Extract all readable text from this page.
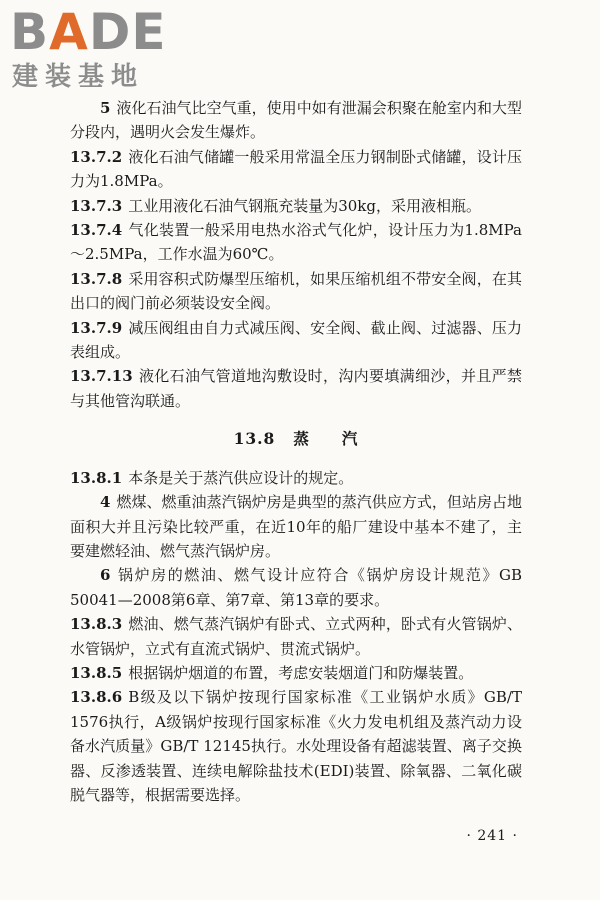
BADE
建装基地

5 液化石油气比空气重，使用中如有泄漏会积聚在舱室内和大型分段内，遇明火会发生爆炸。

13.7.2 液化石油气储罐一般采用常温全压力钢制卧式储罐，设计压力为1.8MPa。

13.7.3 工业用液化石油气钢瓶充装量为30kg，采用液相瓶。

13.7.4 气化装置一般采用电热水浴式气化炉，设计压力为1.8MPa～2.5MPa，工作水温为60℃。

13.7.8 采用容积式防爆型压缩机，如果压缩机组不带安全阀，在其出口的阀门前必须装设安全阀。

13.7.9 减压阀组由自力式减压阀、安全阀、截止阀、过滤器、压力表组成。

13.7.13 液化石油气管道地沟敷设时，沟内要填满细沙，并且严禁与其他管沟联通。

13.8 蒸 汽

13.8.1 本条是关于蒸汽供应设计的规定。

4 燃煤、燃重油蒸汽锅炉房是典型的蒸汽供应方式，但站房占地面积大并且污染比较严重，在近10年的船厂建设中基本不建了，主要建燃轻油、燃气蒸汽锅炉房。

6 锅炉房的燃油、燃气设计应符合《锅炉房设计规范》GB 50041—2008第6章、第7章、第13章的要求。

13.8.3 燃油、燃气蒸汽锅炉有卧式、立式两种，卧式有火管锅炉、水管锅炉，立式有直流式锅炉、贯流式锅炉。

13.8.5 根据锅炉烟道的布置，考虑安装烟道门和防爆装置。

13.8.6 B级及以下锅炉按现行国家标准《工业锅炉水质》GB/T 1576执行，A级锅炉按现行国家标准《火力发电机组及蒸汽动力设备水汽质量》GB/T 12145执行。水处理设备有超滤装置、离子交换器、反渗透装置、连续电解除盐技术(EDI)装置、除氧器、二氧化碳脱气器等，根据需要选择。

· 241 ·
